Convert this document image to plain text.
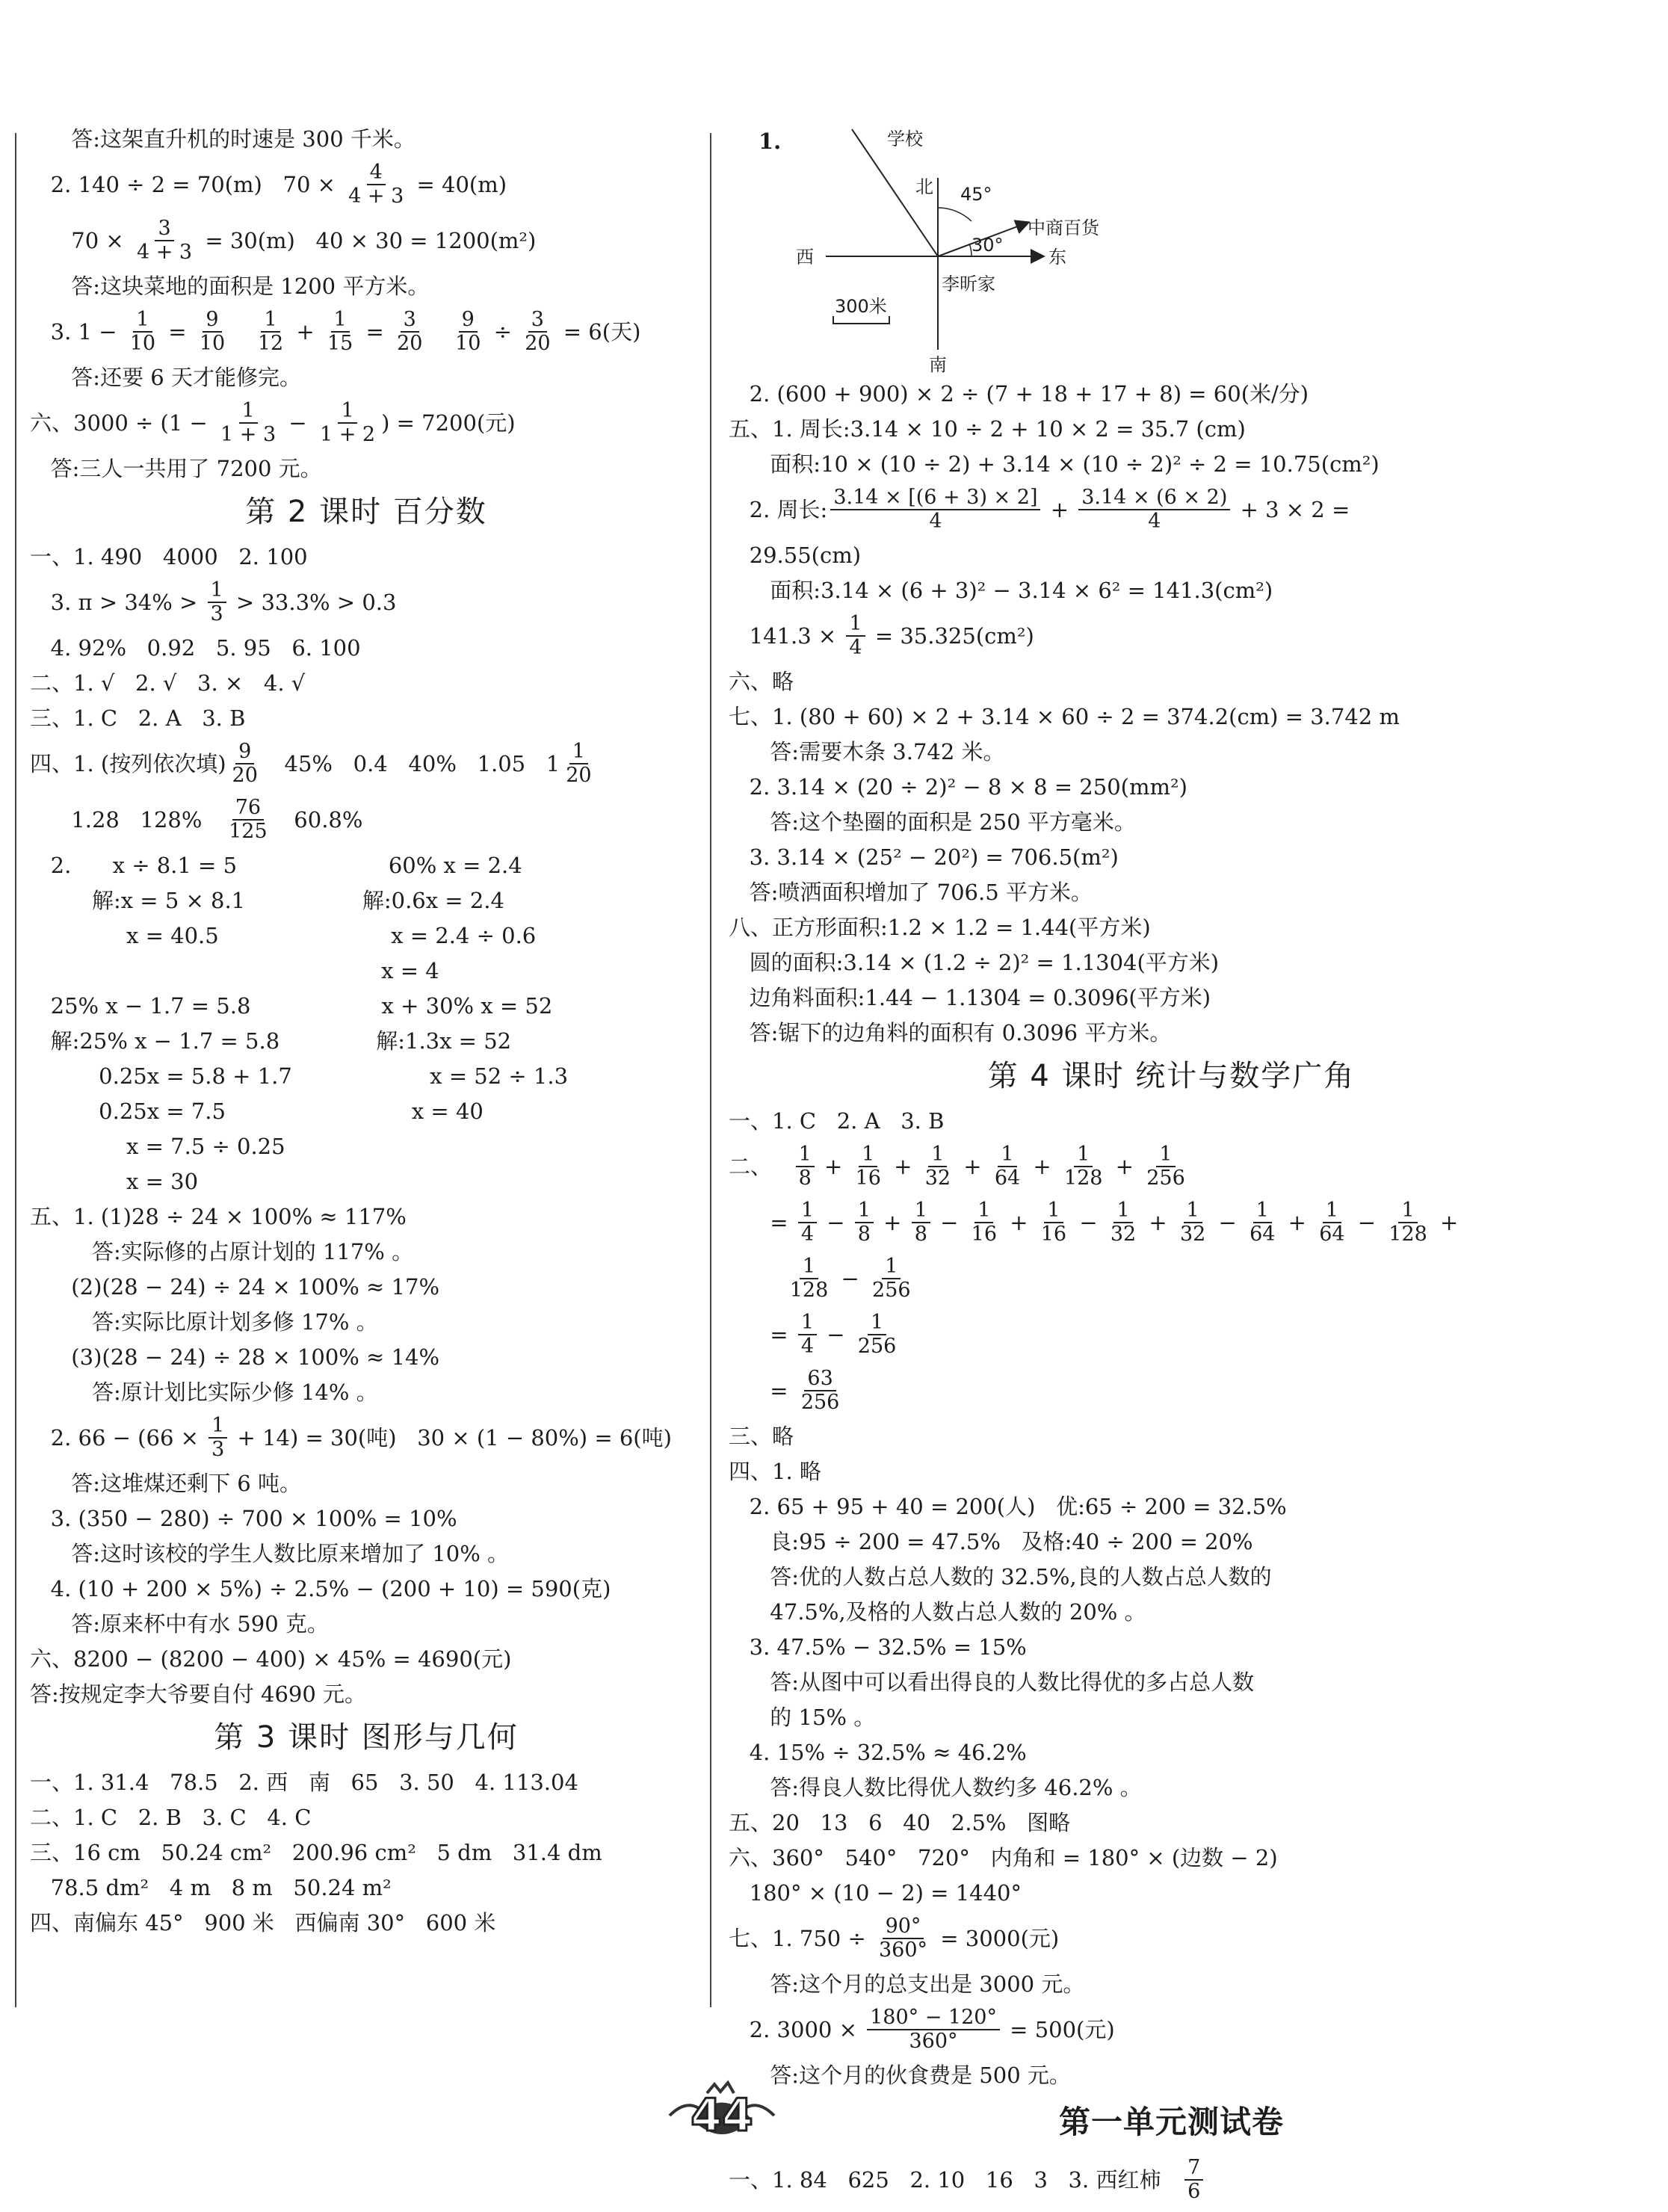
答:这架直升机的时速是 300 千米。
2. 140 ÷ 2 = 70(m)   $70 \times \frac{4}{4 + 3} = 40(m)$
$70 \times \frac{3}{4 + 3} = 30(m) 40 \times 30 = 1200(m^2)$
答:这块菜地的面积是 1200 平方米。
3. $1 - \frac{1}{10} = \frac{9}{10}$
$\frac{1}{12} + \frac{1}{15} = \frac{3}{20}$
$\frac{9}{10} \div \frac{3}{20} = 6$(天)
答:还要 6 天才能修完。
六、$3000 \div (1 - \frac{1}{1 + 3} - \frac{1}{1 + 2}$ ) = 7200(元)
答:三人一共用了 7200 元。
第 2 课时 百分数
一、1. 490   4000   2. 100
3. $\pi > 34\% > \frac{1}{3} > 33.3\% > 0.3$
4. 92%   0.92   5. 95   6. 100
二、1. √   2. √   3. ×   4. √
三、1. C   2. A   3. B
四、1. (按列依次填) $\frac{9}{20} 45\%$   0.4   40%   1.05   $1 \frac{1}{20}$
1.28   $128\% \frac{76}{125} 60.8\%$
2.      x ÷ 8.1 = 5                      60% x = 2.4
解:x = 5 × 8.1                 解:0.6x = 2.4
x = 40.5                         x = 2.4 ÷ 0.6
x = 4
25% x − 1.7 = 5.8                   x + 30% x = 52
解:25% x − 1.7 = 5.8              解:1.3x = 52
0.25x = 5.8 + 1.7                    x = 52 ÷ 1.3
0.25x = 7.5                           x = 40
x = 7.5 ÷ 0.25
x = 30
五、1. (1)28 ÷ 24 × 100% ≈ 117%
答:实际修的占原计划的 117% 。
(2)(28 − 24) ÷ 24 × 100% ≈ 17%
答:实际比原计划多修 17% 。
(3)(28 − 24) ÷ 28 × 100% ≈ 14%
答:原计划比实际少修 14% 。
2. $66 - (66 \times \frac{1}{3} + 14) = 30$(吨)   30 × (1 − 80%) = 6(吨)
答:这堆煤还剩下 6 吨。
3. (350 − 280) ÷ 700 × 100% = 10%
答:这时该校的学生人数比原来增加了 10% 。
4. (10 + 200 × 5%) ÷ 2.5% − (200 + 10) = 590(克)
答:原来杯中有水 590 克。
六、8200 − (8200 − 400) × 45% = 4690(元)
答:按规定李大爷要自付 4690 元。
第 3 课时 图形与几何
一、1. 31.4   78.5   2. 西   南   65   3. 50   4. 113.04
二、1. C   2. B   3. C   4. C
三、16 cm   50.24 cm²   200.96 cm²   5 dm   31.4 dm
78.5 dm²   4 m   8 m   50.24 m²
四、南偏东 45°   900 米   西偏南 30°   600 米
1.	学校
北
南
西	东
中商百货
李昕家
45°
30°
300米
2. (600 + 900) × 2 ÷ (7 + 18 + 17 + 8) = 60(米/分)
五、1. 周长:3.14 × 10 ÷ 2 + 10 × 2 = 35.7 (cm)
面积:10 × (10 ÷ 2) + 3.14 × (10 ÷ 2)² ÷ 2 = 10.75(cm²)
2. 周长: $\frac{3.14 \times [(6 + 3) \times 2]}{4} + \frac{3.14 \times (6 \times 2)}{4} + 3 \times 2$ =
29.55(cm)
面积:3.14 × (6 + 3)² − 3.14 × 6² = 141.3(cm²)
$141.3 \times \frac{1}{4} = 35.325(cm^2)$
六、略
七、1. (80 + 60) × 2 + 3.14 × 60 ÷ 2 = 374.2(cm) = 3.742 m
答:需要木条 3.742 米。
2. 3.14 × (20 ÷ 2)² − 8 × 8 = 250(mm²)
答:这个垫圈的面积是 250 平方毫米。
3. 3.14 × (25² − 20²) = 706.5(m²)
答:喷洒面积增加了 706.5 平方米。
八、正方形面积:1.2 × 1.2 = 1.44(平方米)
圆的面积:3.14 × (1.2 ÷ 2)² = 1.1304(平方米)
边角料面积:1.44 − 1.1304 = 0.3096(平方米)
答:锯下的边角料的面积有 0.3096 平方米。
第 4 课时 统计与数学广角
一、1. C   2. A   3. B
二、 $\frac{1}{8} + \frac{1}{16} + \frac{1}{32} + \frac{1}{64} + \frac{1}{128} + \frac{1}{256}$
= $\frac{1}{4} - \frac{1}{8} + \frac{1}{8} - \frac{1}{16} + \frac{1}{16} - \frac{1}{32} + \frac{1}{32} - \frac{1}{64} + \frac{1}{64} - \frac{1}{128}$ +

$\frac{1}{128} - \frac{1}{256}$
= $\frac{1}{4} - \frac{1}{256}$
= $\frac{63}{256}$
三、略
四、1. 略
2. 65 + 95 + 40 = 200(人)   优:65 ÷ 200 = 32.5%
良:95 ÷ 200 = 47.5%   及格:40 ÷ 200 = 20%
答:优的人数占总人数的 32.5%,良的人数占总人数的
47.5%,及格的人数占总人数的 20% 。
3. 47.5% − 32.5% = 15%
答:从图中可以看出得良的人数比得优的多占总人数
的 15% 。
4. 15% ÷ 32.5% ≈ 46.2%
答:得良人数比得优人数约多 46.2% 。
五、20   13   6   40   2.5%   图略
六、360°   540°   720°   内角和 = 180° × (边数 − 2)
180° × (10 − 2) = 1440°
七、1. $750 \div \frac{90^\circ}{360^\circ} = 3000$(元)
答:这个月的总支出是 3000 元。
2. $3000 \times \frac{180^\circ - 120^\circ}{360^\circ} = 500$(元)
答:这个月的伙食费是 500 元。
第一单元测试卷
一、1. 84   625   2. 10   16   3   3. 西红柿 $\frac{7}{6}$
44
